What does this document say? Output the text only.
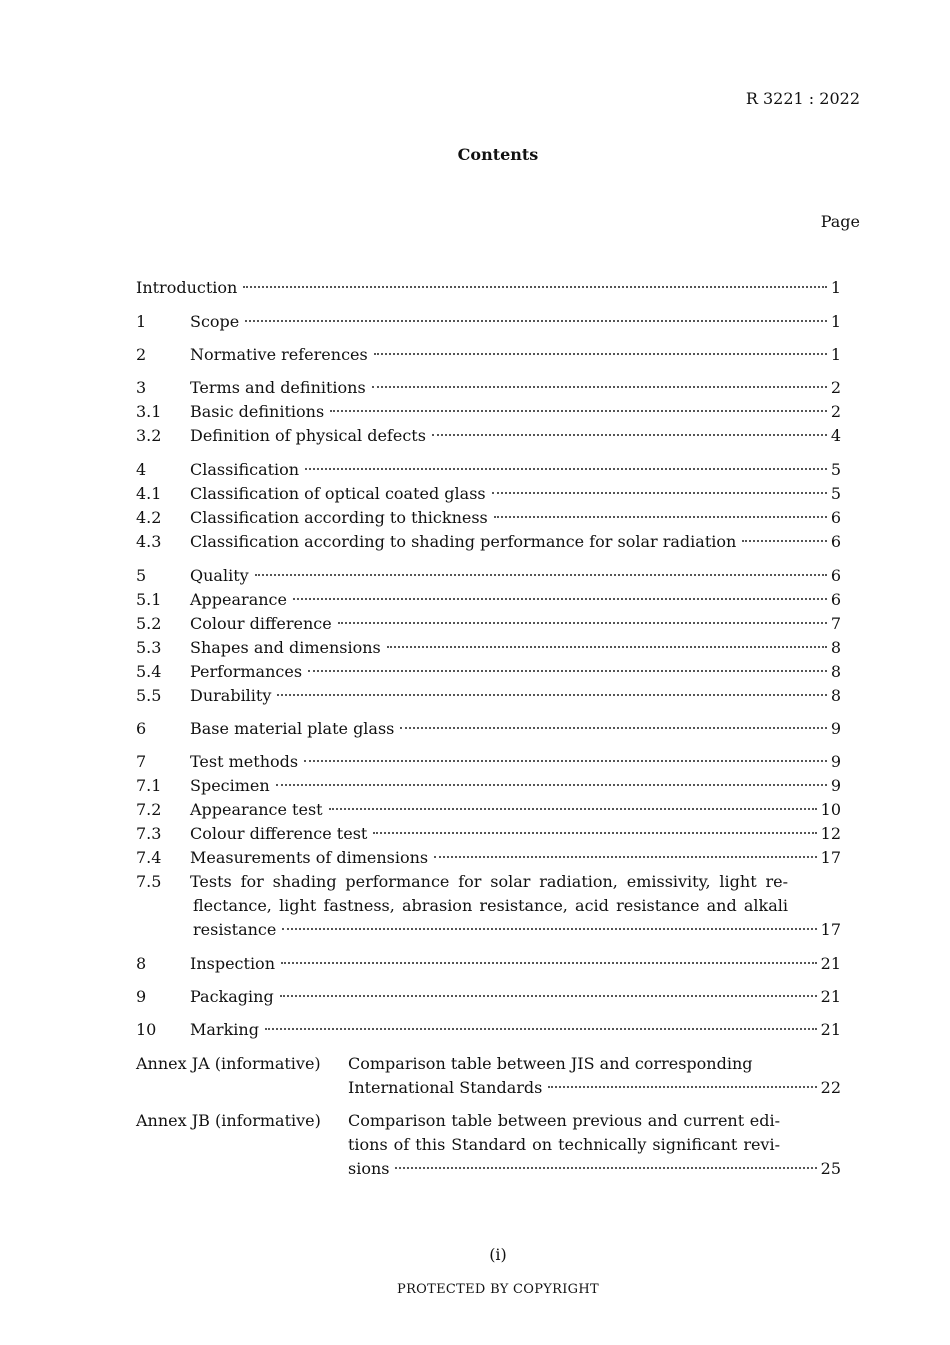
R 3221 : 2022
Contents
Page
Introduction	1
1	Scope	1
2	Normative references	1
3	Terms and definitions	2
3.1 Basic definitions	2
3.2 Definition of physical defects	4
4	Classification	5
4.1 Classification of optical coated glass	5
4.2 Classification according to thickness	6
4.3 Classification according to shading performance for solar radiation	6
5	Quality	6
5.1 Appearance	6
5.2 Colour difference	7
5.3 Shapes and dimensions	8
5.4 Performances	8
5.5 Durability	8
6	Base material plate glass	9
7	Test methods	9
7.1 Specimen	9
7.2 Appearance test	10
7.3 Colour difference test	12
7.4 Measurements of dimensions	17
7.5 Tests for shading performance for solar radiation, emissivity, light re-
flectance, light fastness, abrasion resistance, acid resistance and alkali
resistance	17
8	Inspection	21
9	Packaging	21
10 Marking	21
Annex JA (informative) Comparison table between JIS and corresponding
International Standards	22
Annex JB (informative) Comparison table between previous and current edi-
tions of this Standard on technically significant revi-
sions	25
(i)
PROTECTED BY COPYRIGHT
